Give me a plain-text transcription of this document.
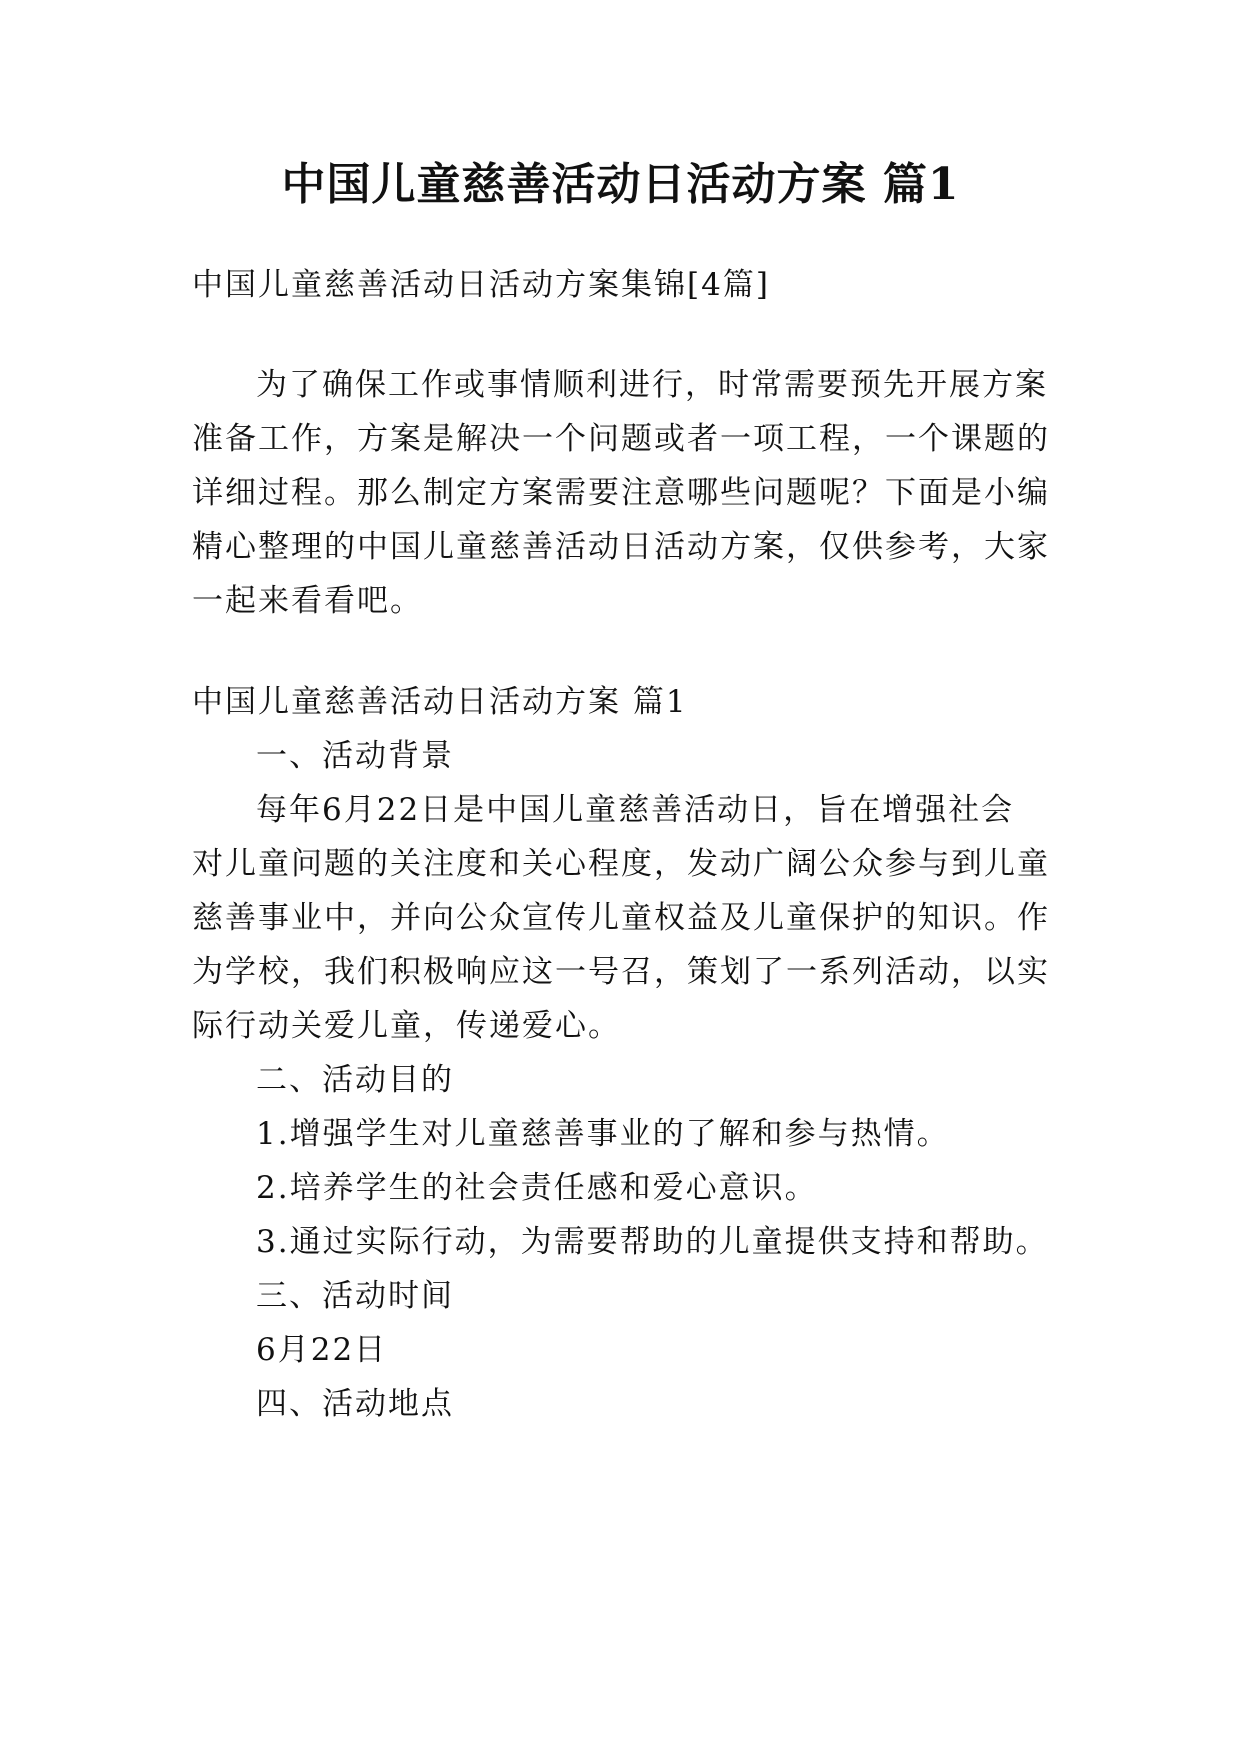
中国儿童慈善活动日活动方案 篇1
中国儿童慈善活动日活动方案集锦[4篇]
为了确保工作或事情顺利进行，时常需要预先开展方案
准备工作，方案是解决一个问题或者一项工程，一个课题的
详细过程。那么制定方案需要注意哪些问题呢？下面是小编
精心整理的中国儿童慈善活动日活动方案，仅供参考，大家
一起来看看吧。
中国儿童慈善活动日活动方案 篇1
一、活动背景
每年6月22日是中国儿童慈善活动日，旨在增强社会
对儿童问题的关注度和关心程度，发动广阔公众参与到儿童
慈善事业中，并向公众宣传儿童权益及儿童保护的知识。作
为学校，我们积极响应这一号召，策划了一系列活动，以实
际行动关爱儿童，传递爱心。
二、活动目的
1.增强学生对儿童慈善事业的了解和参与热情。
2.培养学生的社会责任感和爱心意识。
3.通过实际行动，为需要帮助的儿童提供支持和帮助。
三、活动时间
6月22日
四、活动地点
